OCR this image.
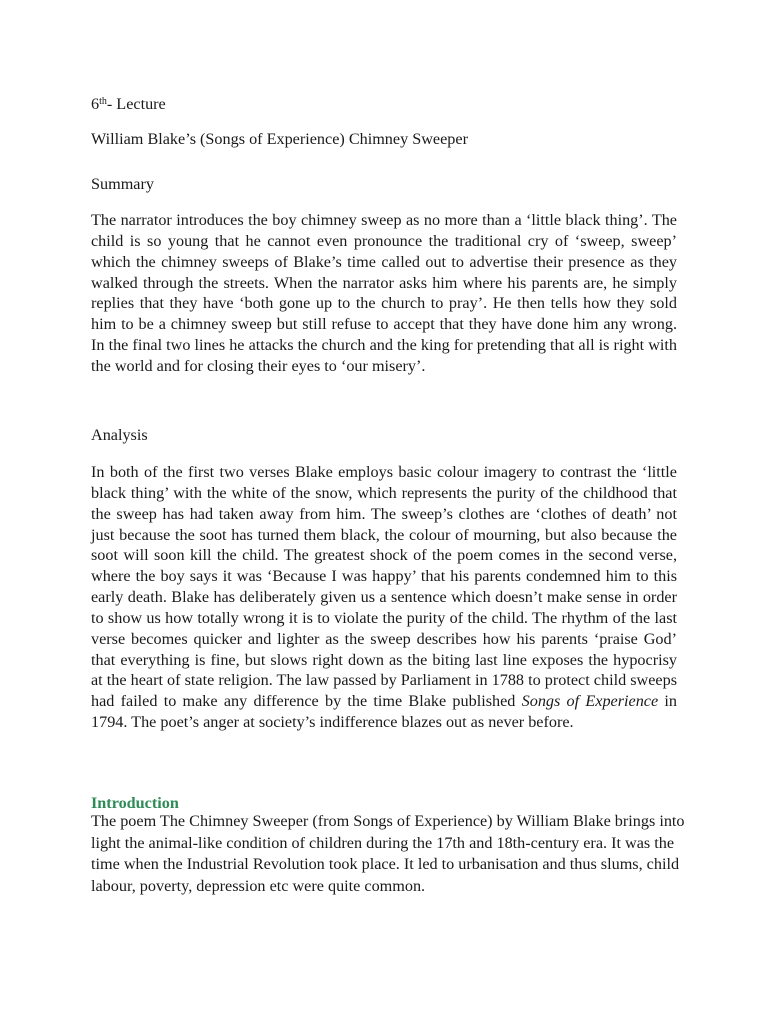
6th- Lecture
William Blake’s (Songs of Experience) Chimney Sweeper
Summary

The narrator introduces the boy chimney sweep as no more than a ‘little black thing’. The child is so young that he cannot even pronounce the traditional cry of ‘sweep, sweep’ which the chimney sweeps of Blake’s time called out to advertise their presence as they walked through the streets. When the narrator asks him where his parents are, he simply replies that they have ‘both gone up to the church to pray’. He then tells how they sold him to be a chimney sweep but still refuse to accept that they have done him any wrong. In the final two lines he attacks the church and the king for pretending that all is right with the world and for closing their eyes to ‘our misery’.

Analysis

In both of the first two verses Blake employs basic colour imagery to contrast the ‘little black thing’ with the white of the snow, which represents the purity of the childhood that the sweep has had taken away from him. The sweep’s clothes are ‘clothes of death’ not just because the soot has turned them black, the colour of mourning, but also because the soot will soon kill the child. The greatest shock of the poem comes in the second verse, where the boy says it was ‘Because I was happy’ that his parents condemned him to this early death. Blake has deliberately given us a sentence which doesn’t make sense in order to show us how totally wrong it is to violate the purity of the child. The rhythm of the last verse becomes quicker and lighter as the sweep describes how his parents ‘praise God’ that everything is fine, but slows right down as the biting last line exposes the hypocrisy at the heart of state religion. The law passed by Parliament in 1788 to protect child sweeps had failed to make any difference by the time Blake published Songs of Experience in 1794. The poet’s anger at society’s indifference blazes out as never before.

Introduction

The poem The Chimney Sweeper (from Songs of Experience) by William Blake brings into light the animal-like condition of children during the 17th and 18th-century era. It was the time when the Industrial Revolution took place. It led to urbanisation and thus slums, child labour, poverty, depression etc were quite common.
